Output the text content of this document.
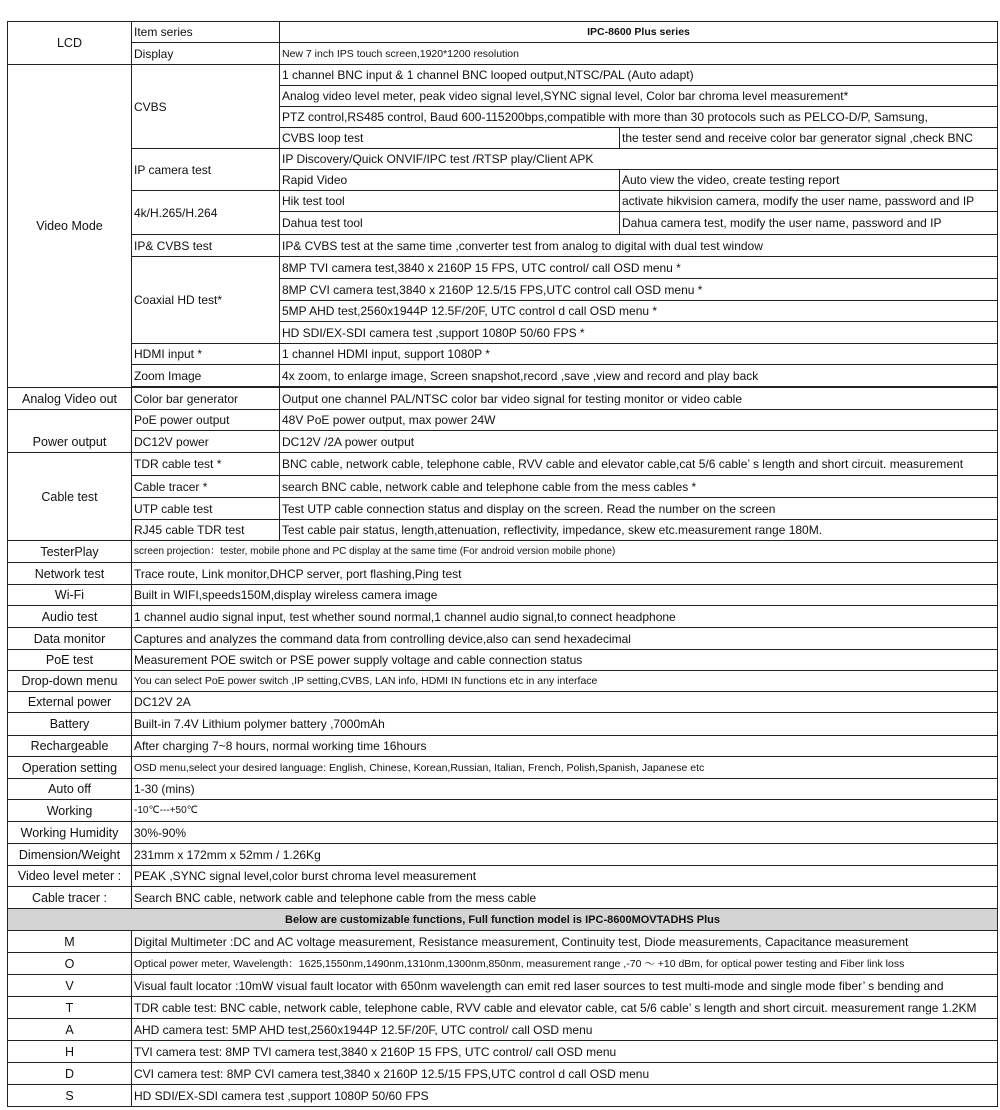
LCD	Item series	IPC-8600 Plus series	
	Display	New 7 inch IPS touch screen,1920*1200 resolution	
Video Mode	CVBS	1 channel BNC input & 1 channel BNC looped output,NTSC/PAL (Auto adapt)	
		Analog video level meter, peak video signal level,SYNC signal level, Color bar chroma level measurement*	
		PTZ control,RS485 control, Baud 600-115200bps,compatible with more than 30 protocols such as PELCO-D/P, Samsung,	
		CVBS loop test	the tester send and receive color bar generator signal ,check BNC
	IP camera test	IP Discovery/Quick ONVIF/IPC test /RTSP play/Client APK	
		Rapid Video	Auto view the video, create testing report
	4k/H.265/H.264	Hik test tool	activate hikvision camera, modify the user name, password and IP
		Dahua test tool	Dahua camera test, modify the user name, password and IP
	IP& CVBS test	IP& CVBS test at the same time ,converter test from analog to digital with dual test window	
	Coaxial HD test*	8MP TVI camera test,3840 x 2160P 15 FPS, UTC control/ call OSD menu *	
		8MP CVI camera test,3840 x 2160P 12.5/15 FPS,UTC control call OSD menu *	
		5MP AHD test,2560x1944P 12.5F/20F, UTC control d call OSD menu *	
		HD SDI/EX-SDI camera test ,support 1080P 50/60 FPS *	
	HDMI input *	1 channel HDMI input, support 1080P *	
	Zoom Image	4x zoom, to enlarge image, Screen snapshot,record ,save ,view and record and play back	

Analog Video out	Color bar generator	Output one channel PAL/NTSC color bar video signal for testing monitor or video cable	
Power output	PoE power output	48V PoE power output, max power 24W	
	DC12V power	DC12V /2A power output	
Cable test	TDR cable test *	BNC cable, network cable, telephone cable, RVV cable and elevator cable,cat 5/6 cable’ s length and short circuit. measurement	
	Cable tracer *	search BNC cable, network cable and telephone cable from the mess cables *	
	UTP cable test	Test UTP cable connection status and display on the screen. Read the number on the screen	
	RJ45 cable TDR test	Test cable pair status, length,attenuation, reflectivity, impedance, skew etc.measurement range 180M.	
TesterPlay	screen projection：tester, mobile phone and PC display at the same time (For android version mobile phone)		
Network test	Trace route, Link monitor,DHCP server, port flashing,Ping test		
Wi-Fi	Built in WIFI,speeds150M,display wireless camera image		
Audio test	1 channel audio signal input, test whether sound normal,1 channel audio signal,to connect headphone		
Data monitor	Captures and analyzes the command data from controlling device,also can send hexadecimal		
PoE test	Measurement POE switch or PSE power supply voltage and cable connection status		
Drop-down menu	You can select PoE power switch ,IP setting,CVBS, LAN info, HDMI IN functions etc in any interface		
External power	DC12V 2A		
Battery	Built-in 7.4V Lithium polymer battery ,7000mAh		
Rechargeable	After charging 7~8 hours, normal working time 16hours		
Operation setting	OSD menu,select your desired language: English, Chinese, Korean,Russian, Italian, French, Polish,Spanish, Japanese etc		
Auto off	1-30 (mins)		
Working	-10℃---+50℃		
Working Humidity	30%-90%		
Dimension/Weight	231mm x 172mm x 52mm / 1.26Kg		
Video level meter :	PEAK ,SYNC signal level,color burst chroma level measurement		
Cable tracer :	Search BNC cable, network cable and telephone cable from the mess cable		
Below are customizable functions, Full function model is IPC-8600MOVTADHS Plus			
M	Digital Multimeter :DC and AC voltage measurement, Resistance measurement, Continuity test, Diode measurements, Capacitance measurement		
O	Optical power meter, Wavelength：1625,1550nm,1490nm,1310nm,1300nm,850nm, measurement range ,-70 ～ +10 dBm, for optical power testing and Fiber link loss		
V	Visual fault locator :10mW visual fault locator with 650nm wavelength can emit red laser sources to test multi-mode and single mode fiber’ s bending and		
T	TDR cable test: BNC cable, network cable, telephone cable, RVV cable and elevator cable, cat 5/6 cable’ s length and short circuit. measurement range 1.2KM		
A	AHD camera test: 5MP AHD test,2560x1944P 12.5F/20F, UTC control/ call OSD menu		
H	TVI camera test: 8MP TVI camera test,3840 x 2160P 15 FPS, UTC control/ call OSD menu		
D	CVI camera test: 8MP CVI camera test,3840 x 2160P 12.5/15 FPS,UTC control d call OSD menu		
S	HD SDI/EX-SDI camera test ,support 1080P 50/60 FPS		
